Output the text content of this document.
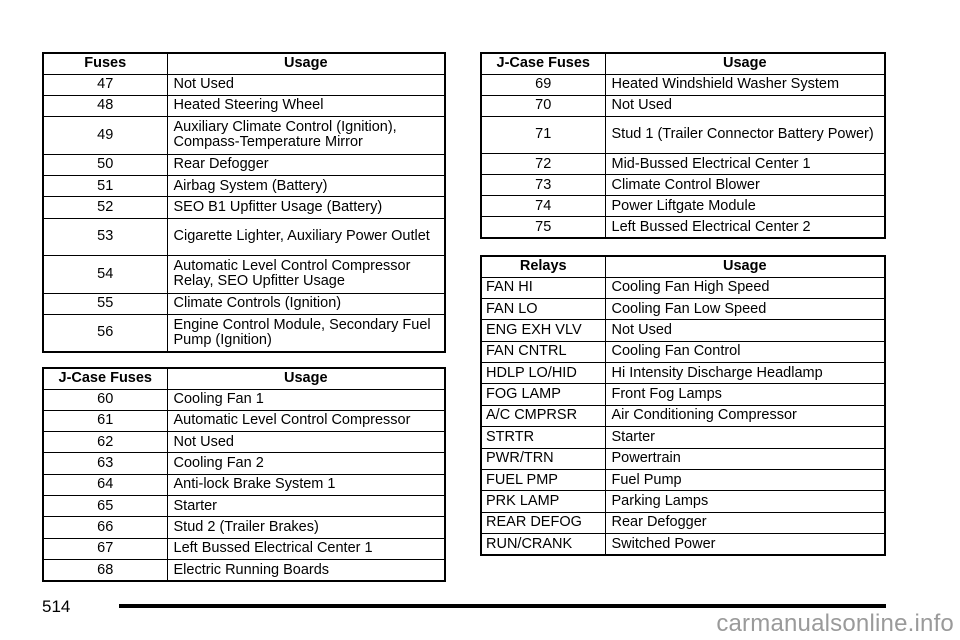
Fuses	Usage
47	Not Used
48	Heated Steering Wheel
49	Auxiliary Climate Control (Ignition), Compass-Temperature Mirror
50	Rear Defogger
51	Airbag System (Battery)
52	SEO B1 Upfitter Usage (Battery)
53	Cigarette Lighter, Auxiliary Power Outlet
54	Automatic Level Control Compressor Relay, SEO Upfitter Usage
55	Climate Controls (Ignition)
56	Engine Control Module, Secondary Fuel Pump (Ignition)
J-Case Fuses	Usage
60	Cooling Fan 1
61	Automatic Level Control Compressor
62	Not Used
63	Cooling Fan 2
64	Anti-lock Brake System 1
65	Starter
66	Stud 2 (Trailer Brakes)
67	Left Bussed Electrical Center 1
68	Electric Running Boards
J-Case Fuses	Usage
69	Heated Windshield Washer System
70	Not Used
71	Stud 1 (Trailer Connector Battery Power)
72	Mid-Bussed Electrical Center 1
73	Climate Control Blower
74	Power Liftgate Module
75	Left Bussed Electrical Center 2
Relays	Usage
FAN HI	Cooling Fan High Speed
FAN LO	Cooling Fan Low Speed
ENG EXH VLV	Not Used
FAN CNTRL	Cooling Fan Control
HDLP LO/HID	Hi Intensity Discharge Headlamp
FOG LAMP	Front Fog Lamps
A/C CMPRSR	Air Conditioning Compressor
STRTR	Starter
PWR/TRN	Powertrain
FUEL PMP	Fuel Pump
PRK LAMP	Parking Lamps
REAR DEFOG	Rear Defogger
RUN/CRANK	Switched Power
514
carmanualsonline.info
